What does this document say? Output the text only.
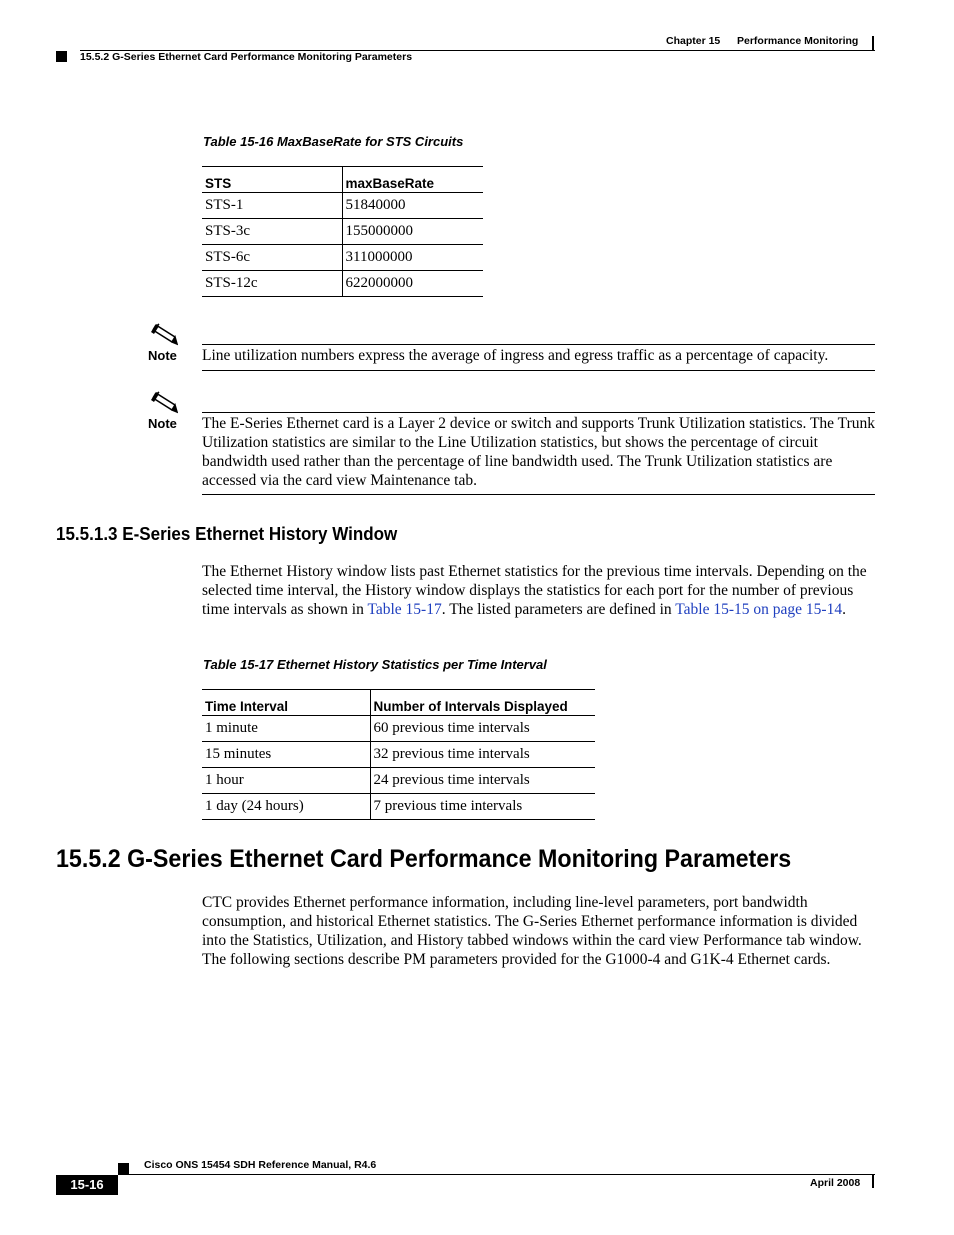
Chapter 15 Performance Monitoring
15.5.2 G-Series Ethernet Card Performance Monitoring Parameters
Table 15-16 MaxBaseRate for STS Circuits
STS	maxBaseRate
STS-1	51840000
STS-3c	155000000
STS-6c	311000000
STS-12c	622000000
Note Line utilization numbers express the average of ingress and egress traffic as a percentage of capacity.
Note The E-Series Ethernet card is a Layer 2 device or switch and supports Trunk Utilization statistics. The Trunk Utilization statistics are similar to the Line Utilization statistics, but shows the percentage of circuit bandwidth used rather than the percentage of line bandwidth used. The Trunk Utilization statistics are accessed via the card view Maintenance tab.
15.5.1.3 E-Series Ethernet History Window
The Ethernet History window lists past Ethernet statistics for the previous time intervals. Depending on the selected time interval, the History window displays the statistics for each port for the number of previous time intervals as shown in Table 15-17. The listed parameters are defined in Table 15-15 on page 15-14.
Table 15-17 Ethernet History Statistics per Time Interval
Time Interval	Number of Intervals Displayed
1 minute	60 previous time intervals
15 minutes	32 previous time intervals
1 hour	24 previous time intervals
1 day (24 hours)	7 previous time intervals
15.5.2 G-Series Ethernet Card Performance Monitoring Parameters
CTC provides Ethernet performance information, including line-level parameters, port bandwidth consumption, and historical Ethernet statistics. The G-Series Ethernet performance information is divided into the Statistics, Utilization, and History tabbed windows within the card view Performance tab window. The following sections describe PM parameters provided for the G1000-4 and G1K-4 Ethernet cards.
Cisco ONS 15454 SDH Reference Manual, R4.6
15-16	April 2008
